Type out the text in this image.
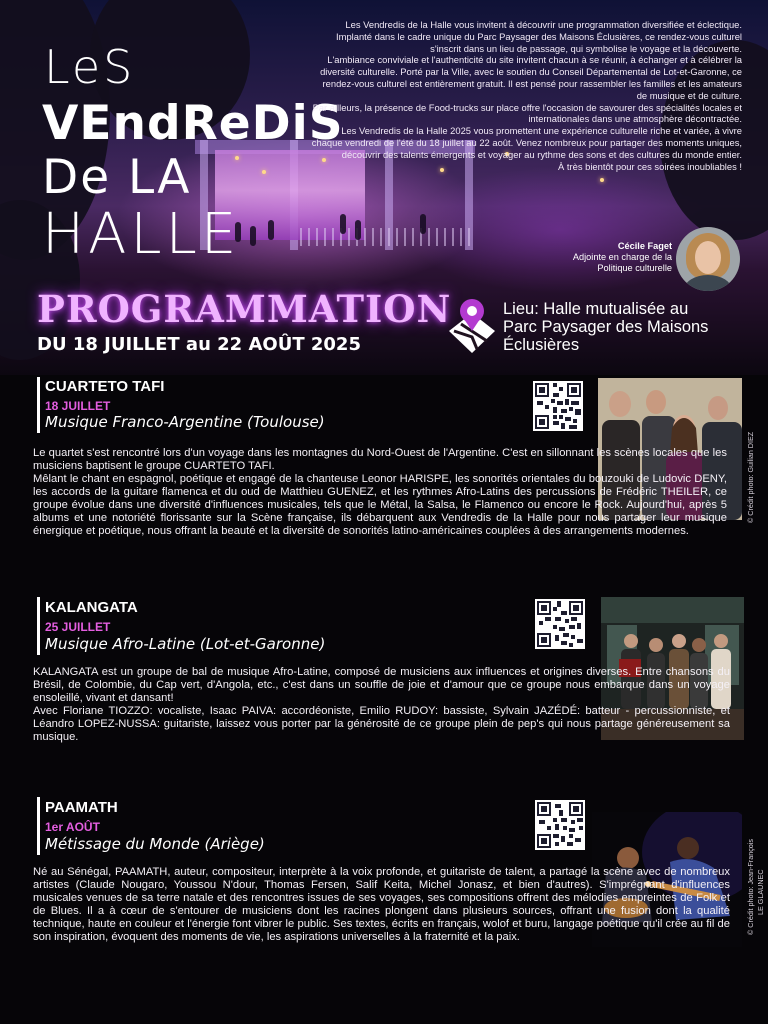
LeS
VEndReDiS
De LA
HALLE

Les Vendredis de la Halle vous invitent à découvrir une programmation diversifiée et éclectique. Implanté dans le cadre unique du Parc Paysager des Maisons Éclusières, ce rendez-vous culturel s'inscrit dans un lieu de passage, qui symbolise le voyage et la découverte.

L'ambiance conviviale et l'authenticité du site invitent chacun à se réunir, à échanger et à célébrer la diversité culturelle. Porté par la Ville, avec le soutien du Conseil Départemental de Lot-et-Garonne, ce rendez-vous culturel est entièrement gratuit. Il est pensé pour rassembler les familles et les amateurs de musique et de culture.

Par ailleurs, la présence de Food-trucks sur place offre l'occasion de savourer des spécialités locales et internationales dans une atmosphère décontractée.

Les Vendredis de la Halle 2025 vous promettent une expérience culturelle riche et variée, à vivre chaque vendredi de l'été du 18 juillet au 22 août. Venez nombreux pour partager des moments uniques, découvrir des talents émergents et voyager au rythme des sons et des cultures du monde entier.

À très bientôt pour ces soirées inoubliables !

Cécile Faget
Adjointe en charge de la
Politique culturelle
PROGRAMMATION
DU 18 JUILLET au 22 AOÛT 2025
Lieu: Halle mutualisée au
Parc Paysager des Maisons
Éclusières
CUARTETO TAFI
18 JUILLET
Musique Franco-Argentine (Toulouse)
© Crédit photo: Guilian DIEZ

Le quartet s'est rencontré lors d'un voyage dans les montagnes du Nord-Ouest de l'Argentine. C'est en sillonnant les scènes locales que les musiciens baptisent le groupe CUARTETO TAFI.

Mêlant le chant en espagnol, poétique et engagé de la chanteuse Leonor HARISPE, les sonorités orientales du bouzouki de Ludovic DENY, les accords de la guitare flamenca et du oud de Matthieu GUENEZ, et les rythmes Afro-Latins des percussions de Frédéric THEILER, ce groupe évolue dans une diversité d'influences musicales, tels que le Métal, la Salsa, le Flamenco ou encore le Rock. Aujourd'hui, après 5 albums et une notoriété florissante sur la Scène française, ils débarquent aux Vendredis de la Halle pour nous partager leur musique énergique et poétique, nous offrant la beauté et la diversité de sonorités latino-américaines couplées à des arrangements modernes.

KALANGATA
25 JUILLET
Musique Afro-Latine (Lot-et-Garonne)

KALANGATA est un groupe de bal de musique Afro-Latine, composé de musiciens aux influences et origines diverses. Entre chansons du Brésil, de Colombie, du Cap vert, d'Angola, etc., c'est dans un souffle de joie et d'amour que ce groupe nous embarque dans un voyage ensoleillé, vivant et dansant!

Avec Floriane TIOZZO: vocaliste, Isaac PAIVA: accordéoniste, Emilio RUDOY: bassiste, Sylvain JAZÉDÉ: batteur - percussionniste, et Léandro LOPEZ-NUSSA: guitariste, laissez vous porter par la générosité de ce groupe plein de pep's qui nous partage généreusement sa musique.

PAAMATH
1er AOÛT
Métissage du Monde (Ariège)	© Crédit photo: Jean-François LE GLAUNEC

Né au Sénégal, PAAMATH, auteur, compositeur, interprète à la voix profonde, et guitariste de talent, a partagé la scène avec de nombreux artistes (Claude Nougaro, Youssou N'dour, Thomas Fersen, Salif Keita, Michel Jonasz, et bien d'autres). S'imprégnant d'influences musicales venues de sa terre natale et des rencontres issues de ses voyages, ses compositions offrent des mélodies empreintes de Folk et de Blues. Il a à cœur de s'entourer de musiciens dont les racines plongent dans plusieurs sources, offrant une fusion dont la qualité technique, haute en couleur et l'énergie font vibrer le public. Ses textes, écrits en français, wolof et buru, langage poétique qu'il crée au fil de son inspiration, évoquent des moments de vie, les aspirations universelles à la fraternité et la paix.
